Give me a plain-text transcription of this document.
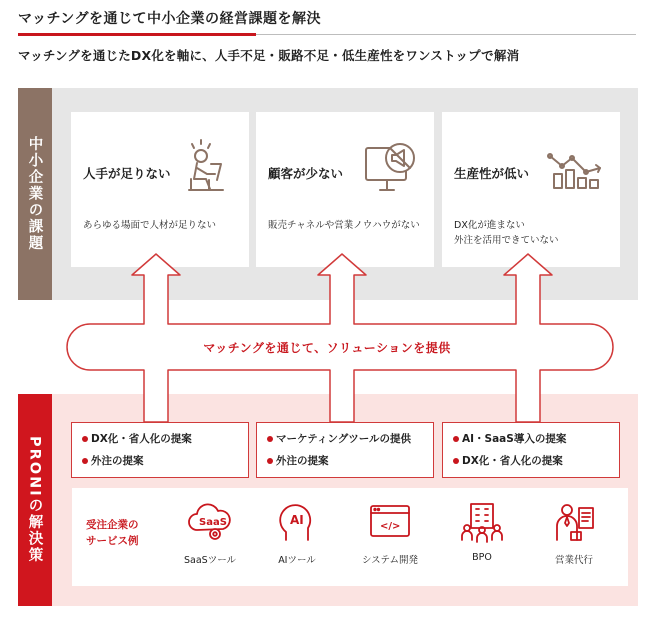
マッチングを通じて中小企業の経営課題を解決
マッチングを通じたDX化を軸に、人手不足・販路不足・低生産性をワンストップで解消
中小企業の課題	人手が足りない
あらゆる場面で人材が足りない
顧客が少ない
販売チャネルや営業ノウハウがない
生産性が低い
DX化が進まない
外注を活用できていない
PRONIの解決策
マッチングを通じて、ソリューションを提供
DX化・省人化の提案
外注の提案
マーケティングツールの提供
外注の提案
AI・SaaS導入の提案
DX化・省人化の提案
受注企業の
サービス例
SaaS
SaaSツール
AI
AIツール
</>
システム開発	BPO	営業代行
